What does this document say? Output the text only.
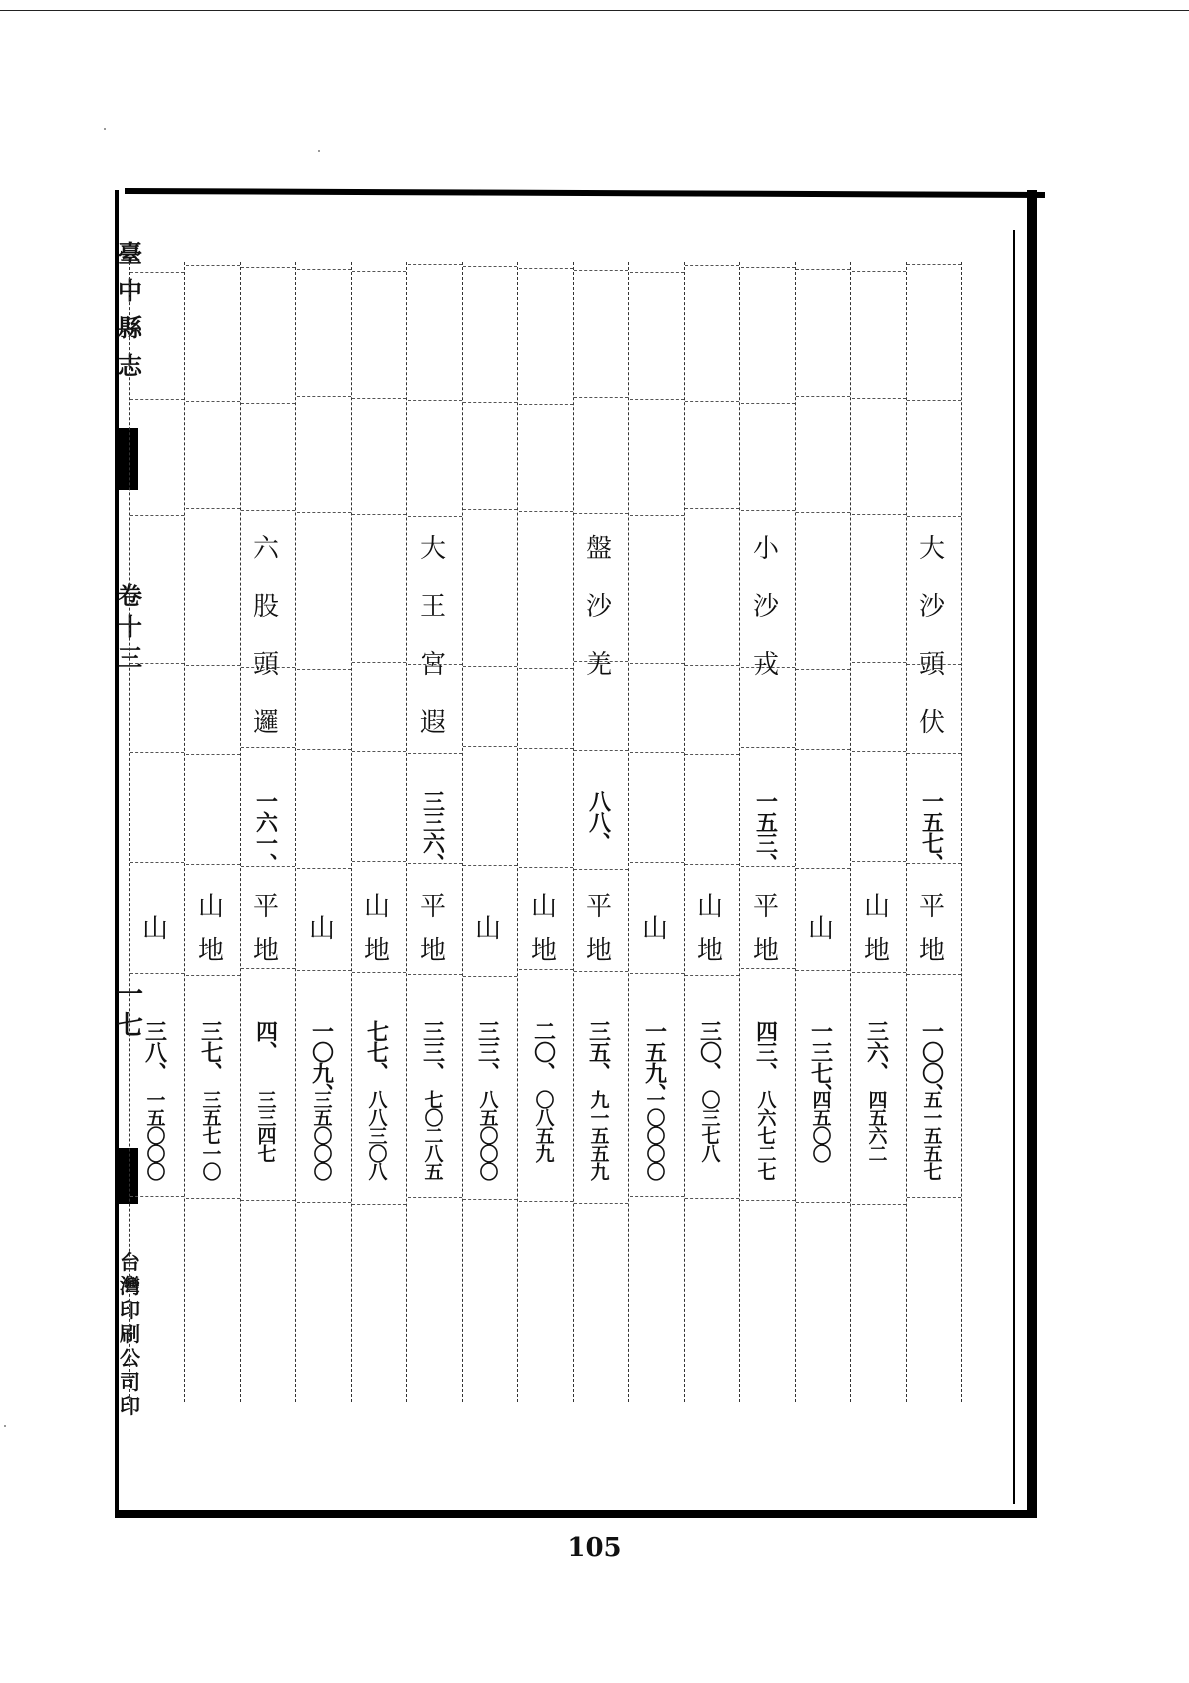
臺
中
縣
志
卷
十
三
一
七
台
灣
印
刷
公
司
印
大
沙
頭
伏
一五七、
平
地
一〇〇、
五一五五七
山
地
三六、
四五六二
山
一三七、
四五〇〇
小
沙
戎
一五三、
平
地
四三、
八六七二七
山
地
三〇、
〇三七八
山
一五九、
一〇〇〇〇
盤
沙
羌
八八、
平
地
三五、
九一五五九
山
地
二〇、
〇八五九
山
三三、
八五〇〇〇
大
王
宮
遐
三三六、
平
地
三三、
七〇二八五
山
地
七七、
八八三〇八
山
一〇九、
三五〇〇〇
六
股
頭
邏
一六一、
平
地
四、
三三四七
山
地
三七、
三五七一〇
山
三八、
一五〇〇〇
105
